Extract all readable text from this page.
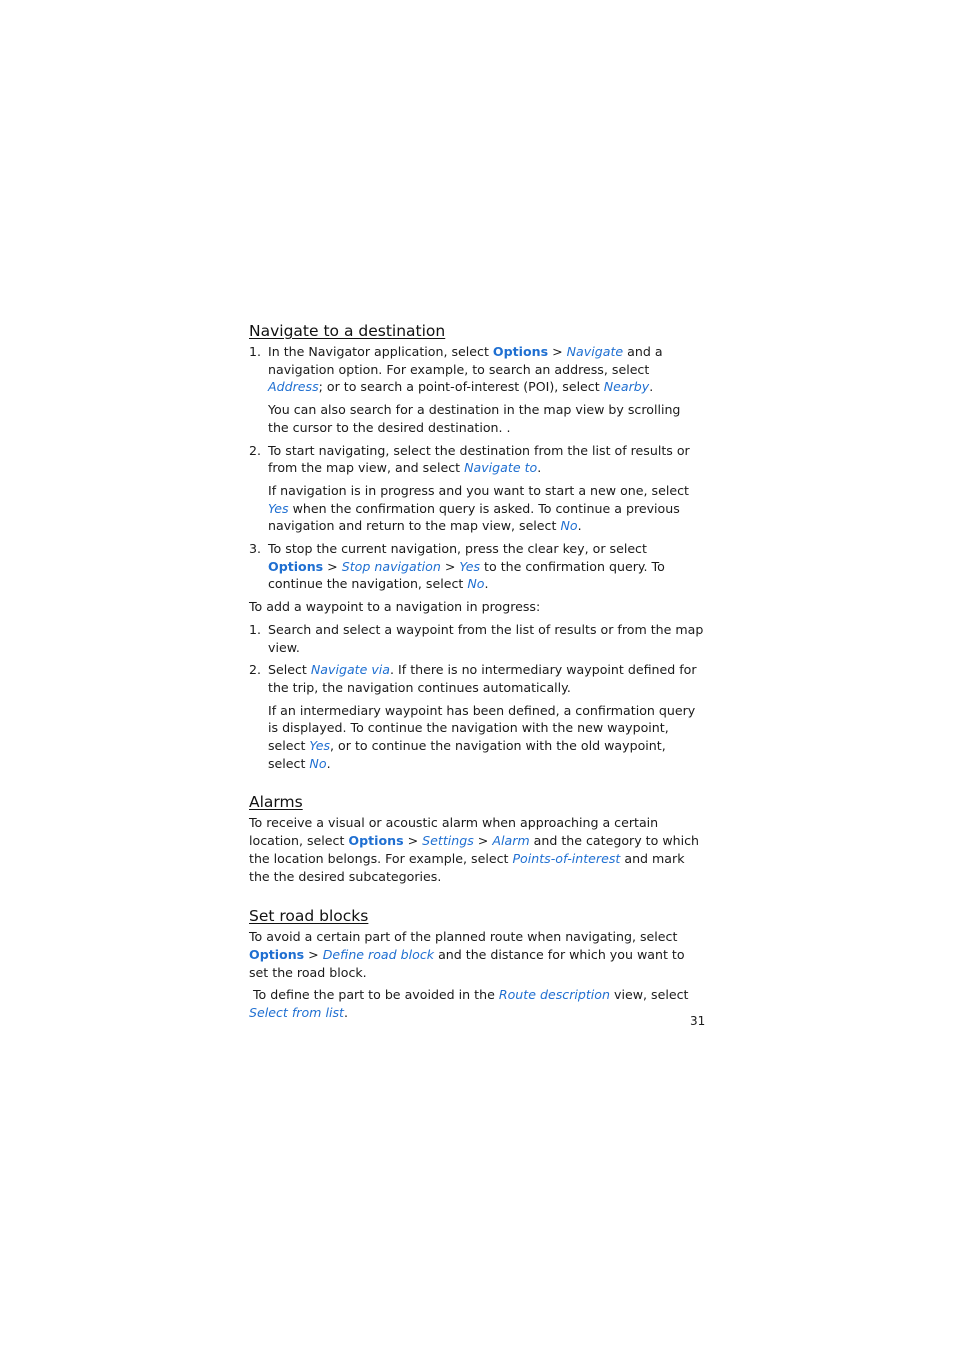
Navigate to a destination
1. In the Navigator application, select Options > Navigate and a navigation option. For example, to search an address, select Address; or to search a point-of-interest (POI), select Nearby.

You can also search for a destination in the map view by scrolling the cursor to the desired destination. .

2. To start navigating, select the destination from the list of results or from the map view, and select Navigate to.

If navigation is in progress and you want to start a new one, select Yes when the confirmation query is asked. To continue a previous navigation and return to the map view, select No.

3. To stop the current navigation, press the clear key, or select Options > Stop navigation > Yes to the confirmation query. To continue the navigation, select No.

To add a waypoint to a navigation in progress:

1. Search and select a waypoint from the list of results or from the map view.

2. Select Navigate via. If there is no intermediary waypoint defined for the trip, the navigation continues automatically.

If an intermediary waypoint has been defined, a confirmation query is displayed. To continue the navigation with the new waypoint, select Yes, or to continue the navigation with the old waypoint, select No.

Alarms

To receive a visual or acoustic alarm when approaching a certain location, select Options > Settings > Alarm and the category to which the location belongs. For example, select Points-of-interest and mark the the desired subcategories.

Set road blocks

To avoid a certain part of the planned route when navigating, select Options > Define road block and the distance for which you want to set the road block.

To define the part to be avoided in the Route description view, select Select from list.

31
